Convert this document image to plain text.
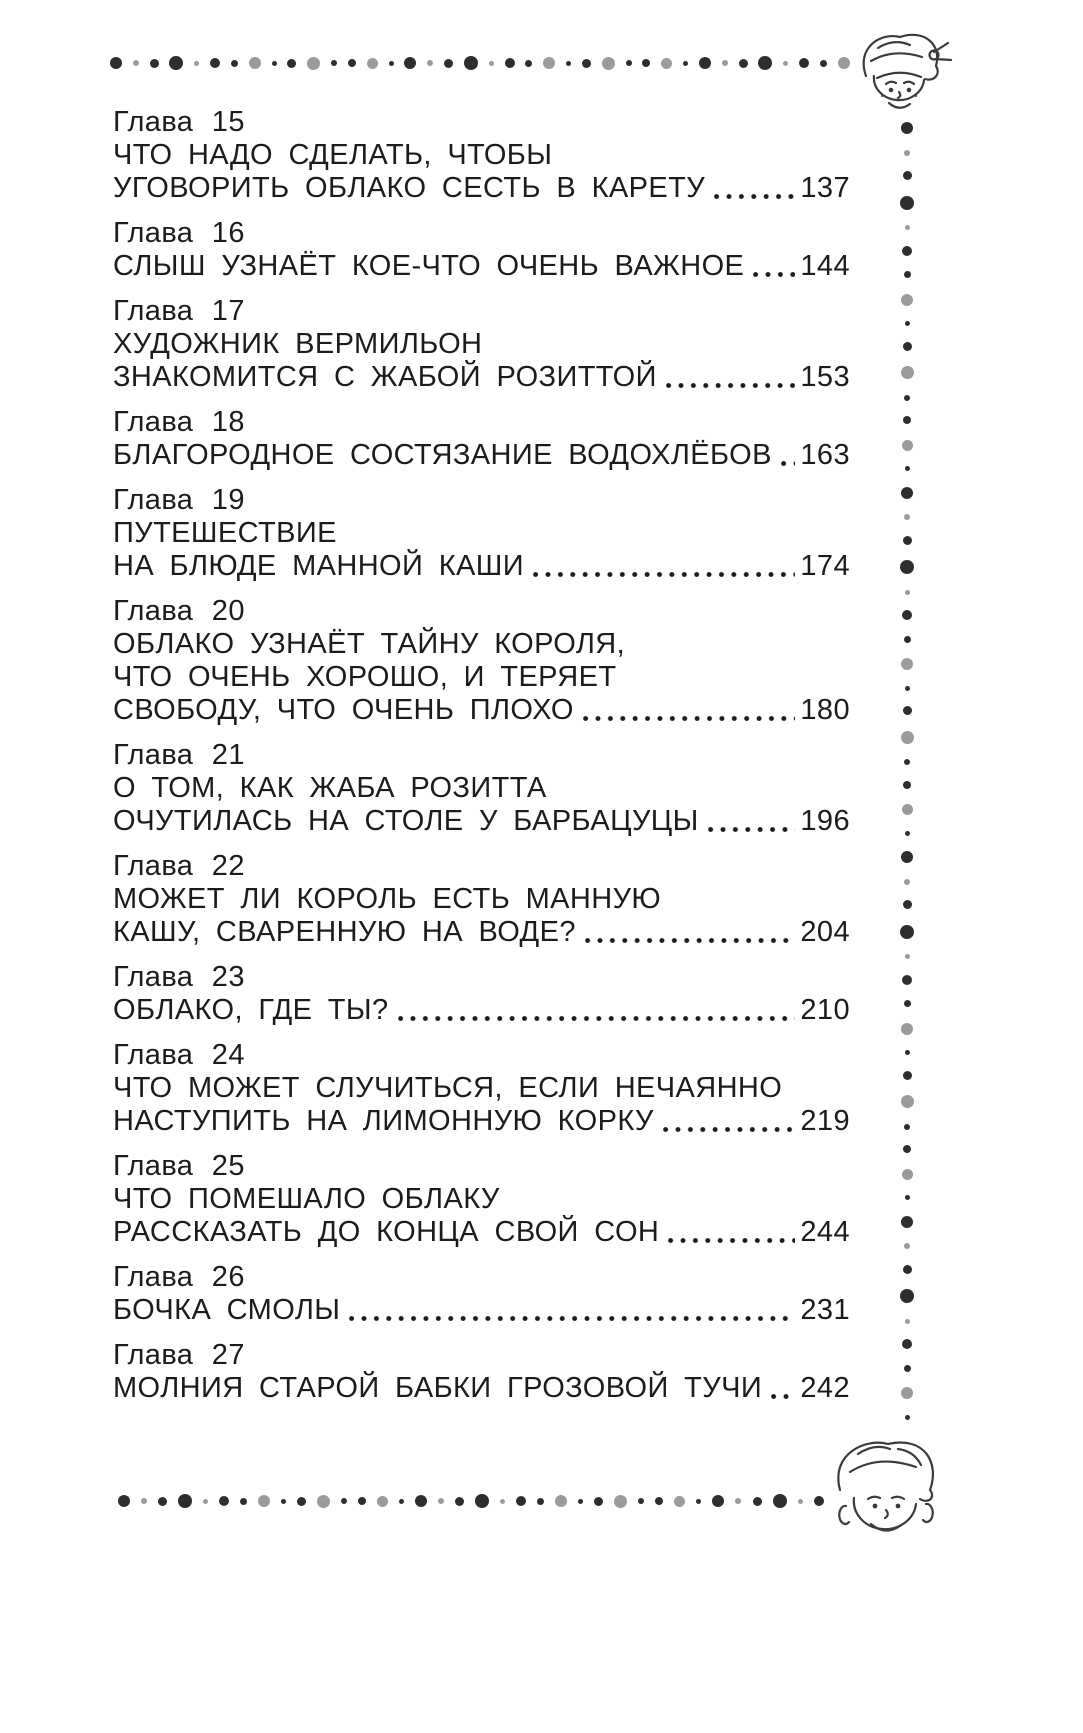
Глава 15
ЧТО НАДО СДЕЛАТЬ, ЧТОБЫ
УГОВОРИТЬ ОБЛАКО СЕСТЬ В КАРЕТУ	137
Глава 16
СЛЫШ УЗНАЁТ КОЕ-ЧТО ОЧЕНЬ ВАЖНОЕ 144
Глава 17
ХУДОЖНИК ВЕРМИЛЬОН
ЗНАКОМИТСЯ С ЖАБОЙ РОЗИТТОЙ	153
Глава 18
БЛАГОРОДНОЕ СОСТЯЗАНИЕ ВОДОХЛЁБОВ 163
Глава 19
ПУТЕШЕСТВИЕ
НА БЛЮДЕ МАННОЙ КАШИ	174
Глава 20
ОБЛАКО УЗНАЁТ ТАЙНУ КОРОЛЯ,
ЧТО ОЧЕНЬ ХОРОШО, И ТЕРЯЕТ
СВОБОДУ, ЧТО ОЧЕНЬ ПЛОХО	180
Глава 21
О ТОМ, КАК ЖАБА РОЗИТТА
ОЧУТИЛАСЬ НА СТОЛЕ У БАРБАЦУЦЫ	196
Глава 22
МОЖЕТ ЛИ КОРОЛЬ ЕСТЬ МАННУЮ
КАШУ, СВАРЕННУЮ НА ВОДЕ?	204
Глава 23
ОБЛАКО, ГДЕ ТЫ?	210
Глава 24
ЧТО МОЖЕТ СЛУЧИТЬСЯ, ЕСЛИ НЕЧАЯННО
НАСТУПИТЬ НА ЛИМОННУЮ КОРКУ	219
Глава 25
ЧТО ПОМЕШАЛО ОБЛАКУ
РАССКАЗАТЬ ДО КОНЦА СВОЙ СОН	244
Глава 26
БОЧКА СМОЛЫ	231
Глава 27
МОЛНИЯ СТАРОЙ БАБКИ ГРОЗОВОЙ ТУЧИ 242
